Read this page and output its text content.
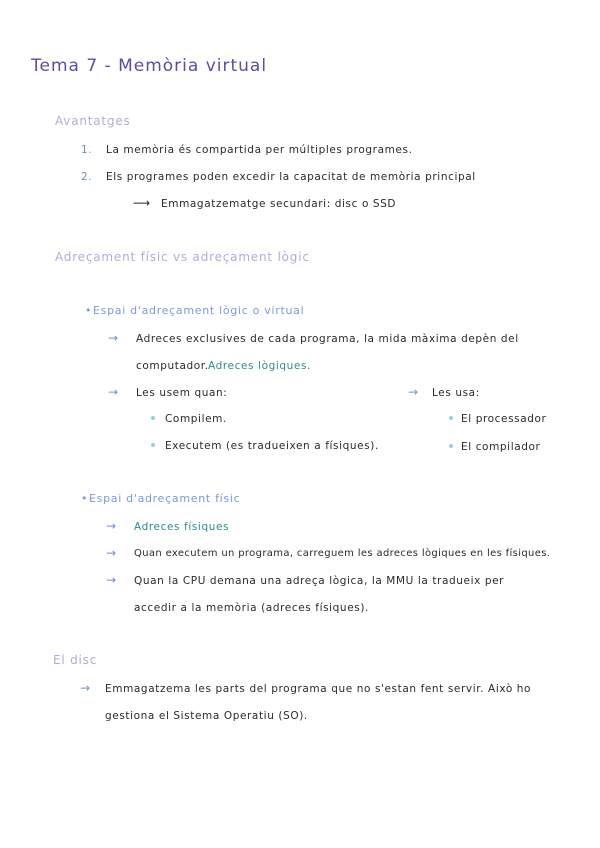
Tema 7 - Memòria virtual
Avantatges
1. La memòria és compartida per múltiples programes.
2. Els programes poden excedir la capacitat de memòria principal
⟶ Emmagatzematge secundari: disc o SSD
Adreçament físic vs adreçament lògic
• Espai d'adreçament lògic o virtual
→ Adreces exclusives de cada programa, la mida màxima depèn del
computador. Adreces lògiques.
→ Les usem quan:
Compilem.
Executem (es tradueixen a físiques).
→ Les usa:
El processador
El compilador
• Espai d'adreçament físic
→ Adreces físiques
→ Quan executem un programa, carreguem les adreces lògiques en les físiques.
→ Quan la CPU demana una adreça lògica, la MMU la tradueix per
accedir a la memòria (adreces físiques).
El disc
→ Emmagatzema les parts del programa que no s'estan fent servir. Això ho
gestiona el Sistema Operatiu (SO).
